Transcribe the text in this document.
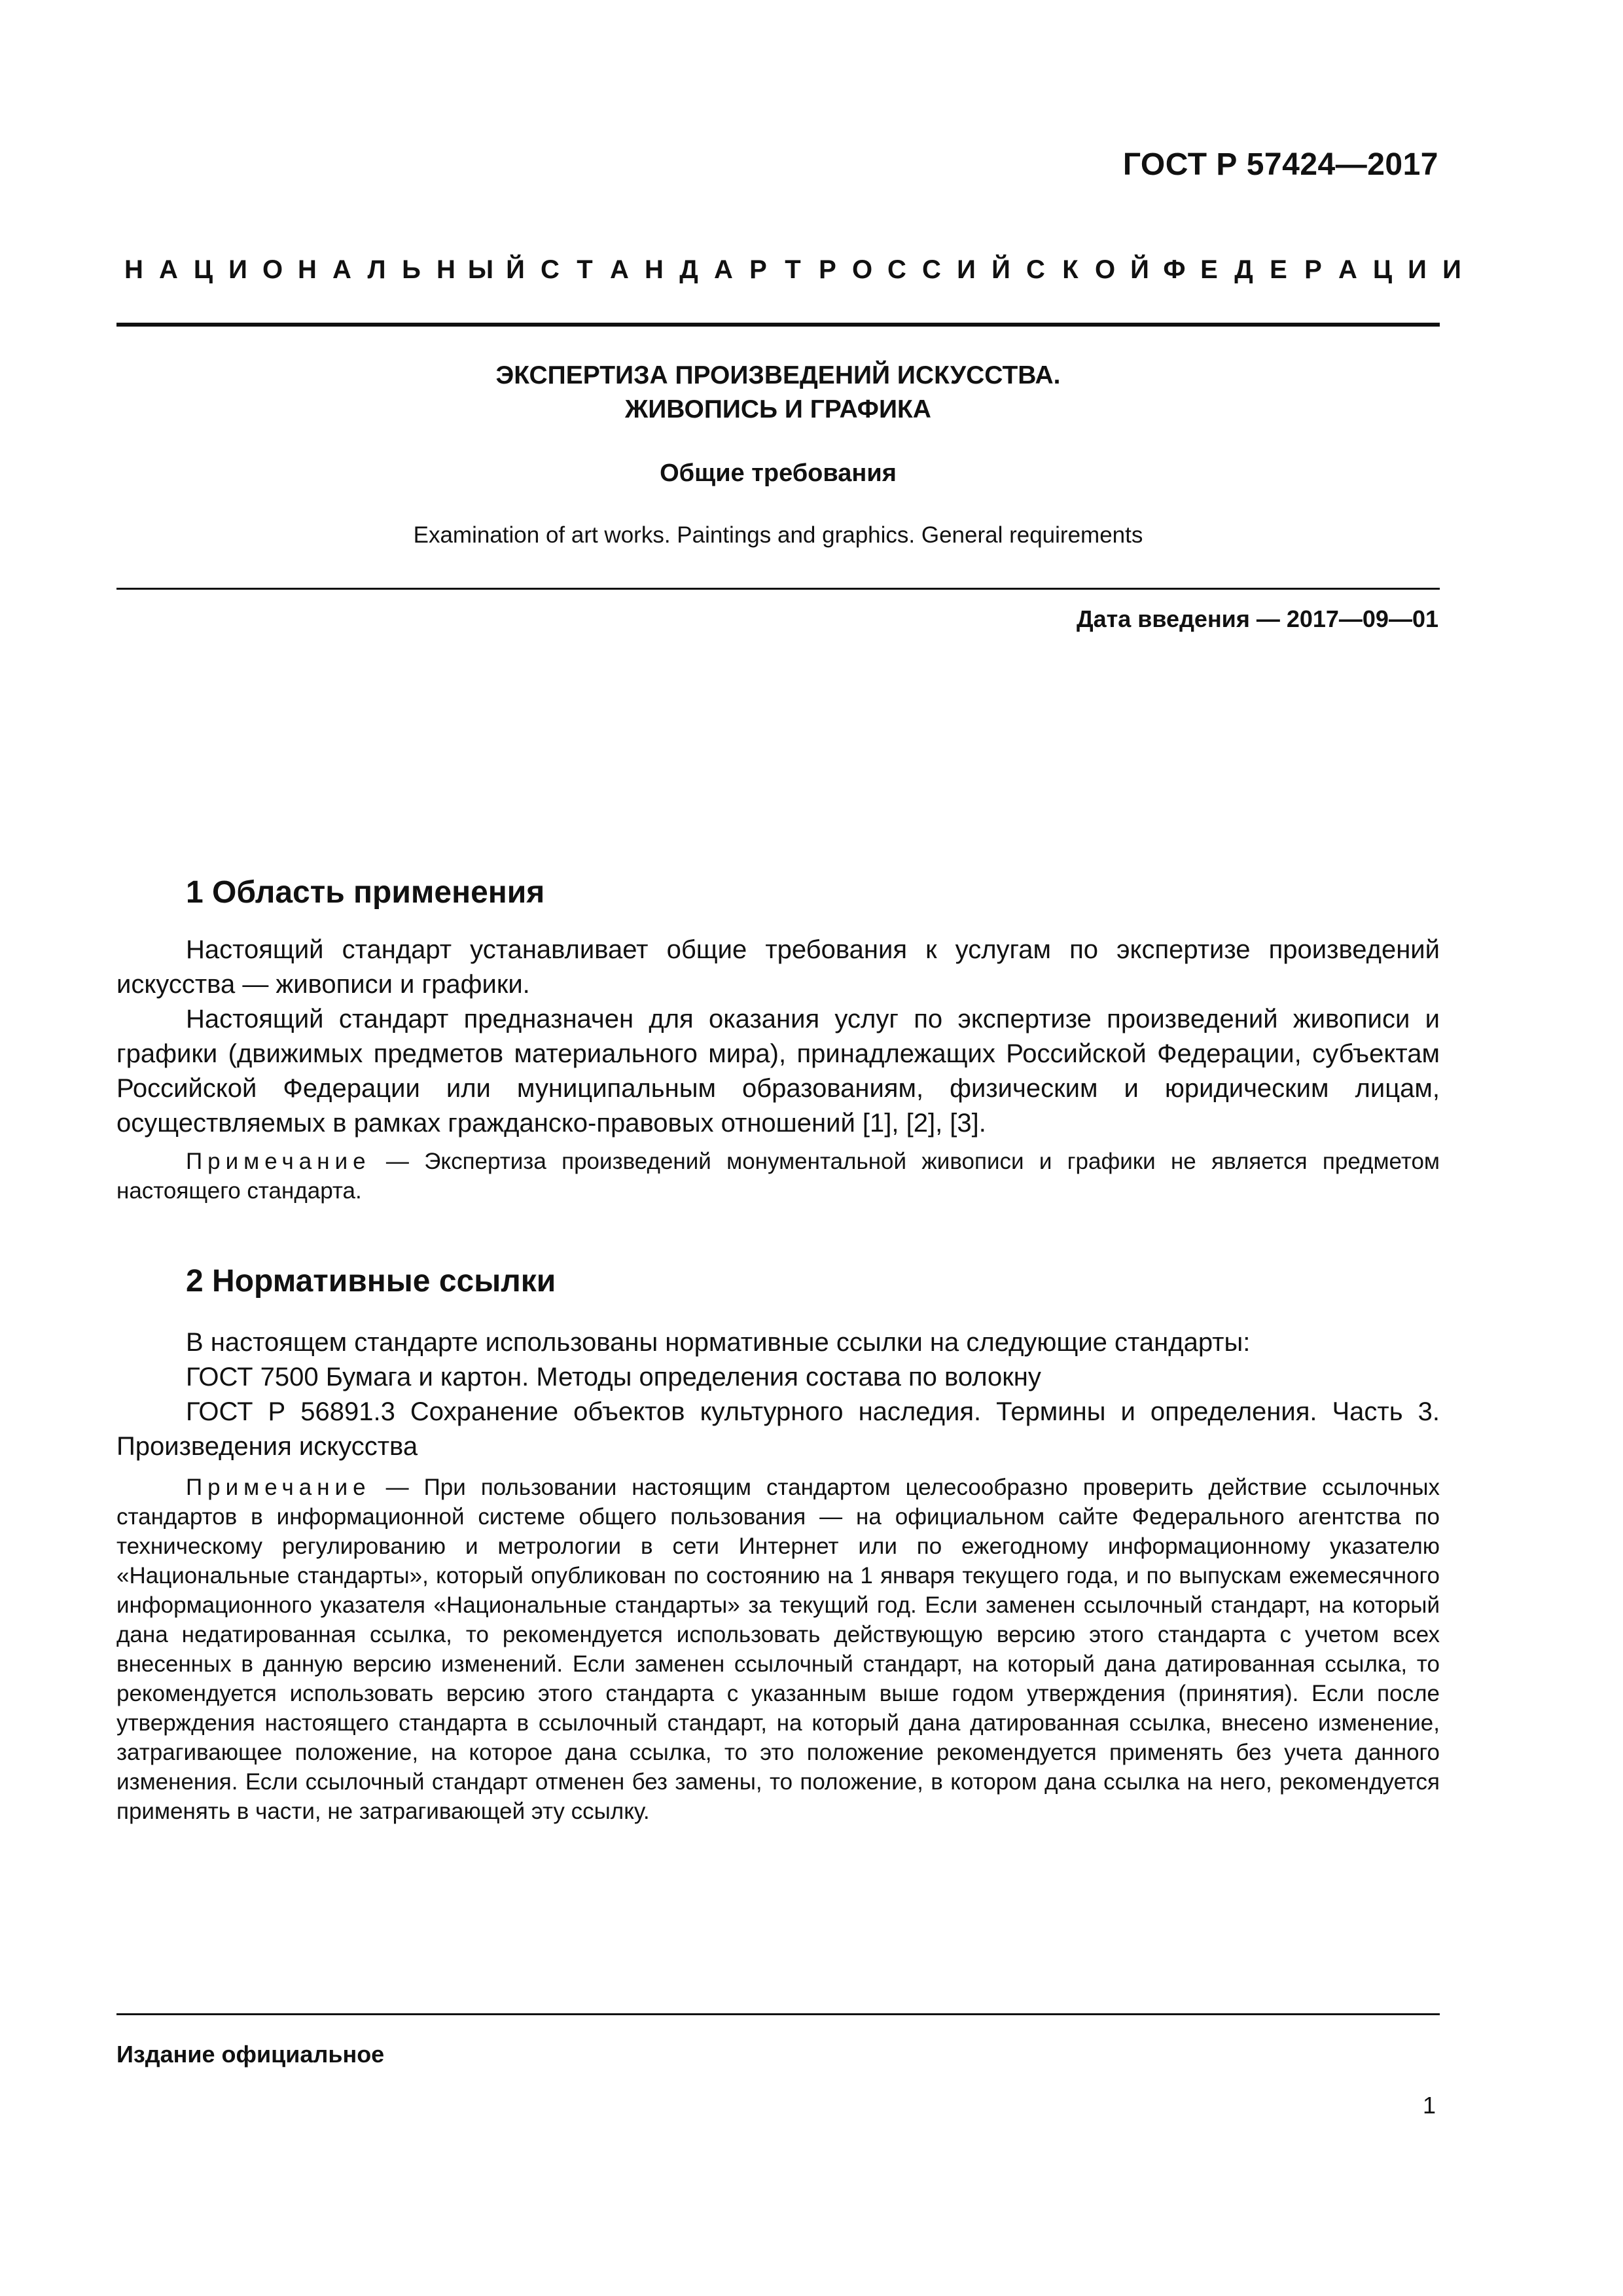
ГОСТ Р 57424—2017
Н А Ц И О Н А Л Ь Н Ы Й С Т А Н Д А Р Т Р О С С И Й С К О Й Ф Е Д Е Р А Ц И И
ЭКСПЕРТИЗА ПРОИЗВЕДЕНИЙ ИСКУССТВА.
ЖИВОПИСЬ И ГРАФИКА
Общие требования
Examination of art works. Paintings and graphics. General requirements
Дата введения — 2017—09—01
1 Область применения

Настоящий стандарт устанавливает общие требования к услугам по экспертизе произведений искусства — живописи и графики.

Настоящий стандарт предназначен для оказания услуг по экспертизе произведений живописи и графики (движимых предметов материального мира), принадлежащих Российской Федерации, субъектам Российской Федерации или муниципальным образованиям, физическим и юридическим лицам, осуществляемых в рамках гражданско-правовых отношений [1], [2], [3].

Примечание — Экспертиза произведений монументальной живописи и графики не является предметом настоящего стандарта.

2 Нормативные ссылки

В настоящем стандарте использованы нормативные ссылки на следующие стандарты:

ГОСТ 7500 Бумага и картон. Методы определения состава по волокну

ГОСТ Р 56891.3 Сохранение объектов культурного наследия. Термины и определения. Часть 3. Произведения искусства

Примечание — При пользовании настоящим стандартом целесообразно проверить действие ссылочных стандартов в информационной системе общего пользования — на официальном сайте Федерального агентства по техническому регулированию и метрологии в сети Интернет или по ежегодному информационному указателю «Национальные стандарты», который опубликован по состоянию на 1 января текущего года, и по выпускам ежемесячного информационного указателя «Национальные стандарты» за текущий год. Если заменен ссылочный стандарт, на который дана недатированная ссылка, то рекомендуется использовать действующую версию этого стандарта с учетом всех внесенных в данную версию изменений. Если заменен ссылочный стандарт, на который дана датированная ссылка, то рекомендуется использовать версию этого стандарта с указанным выше годом утверждения (принятия). Если после утверждения настоящего стандарта в ссылочный стандарт, на который дана датированная ссылка, внесено изменение, затрагивающее положение, на которое дана ссылка, то это положение рекомендуется применять без учета данного изменения. Если ссылочный стандарт отменен без замены, то положение, в котором дана ссылка на него, рекомендуется применять в части, не затрагивающей эту ссылку.

Издание официальное
1
